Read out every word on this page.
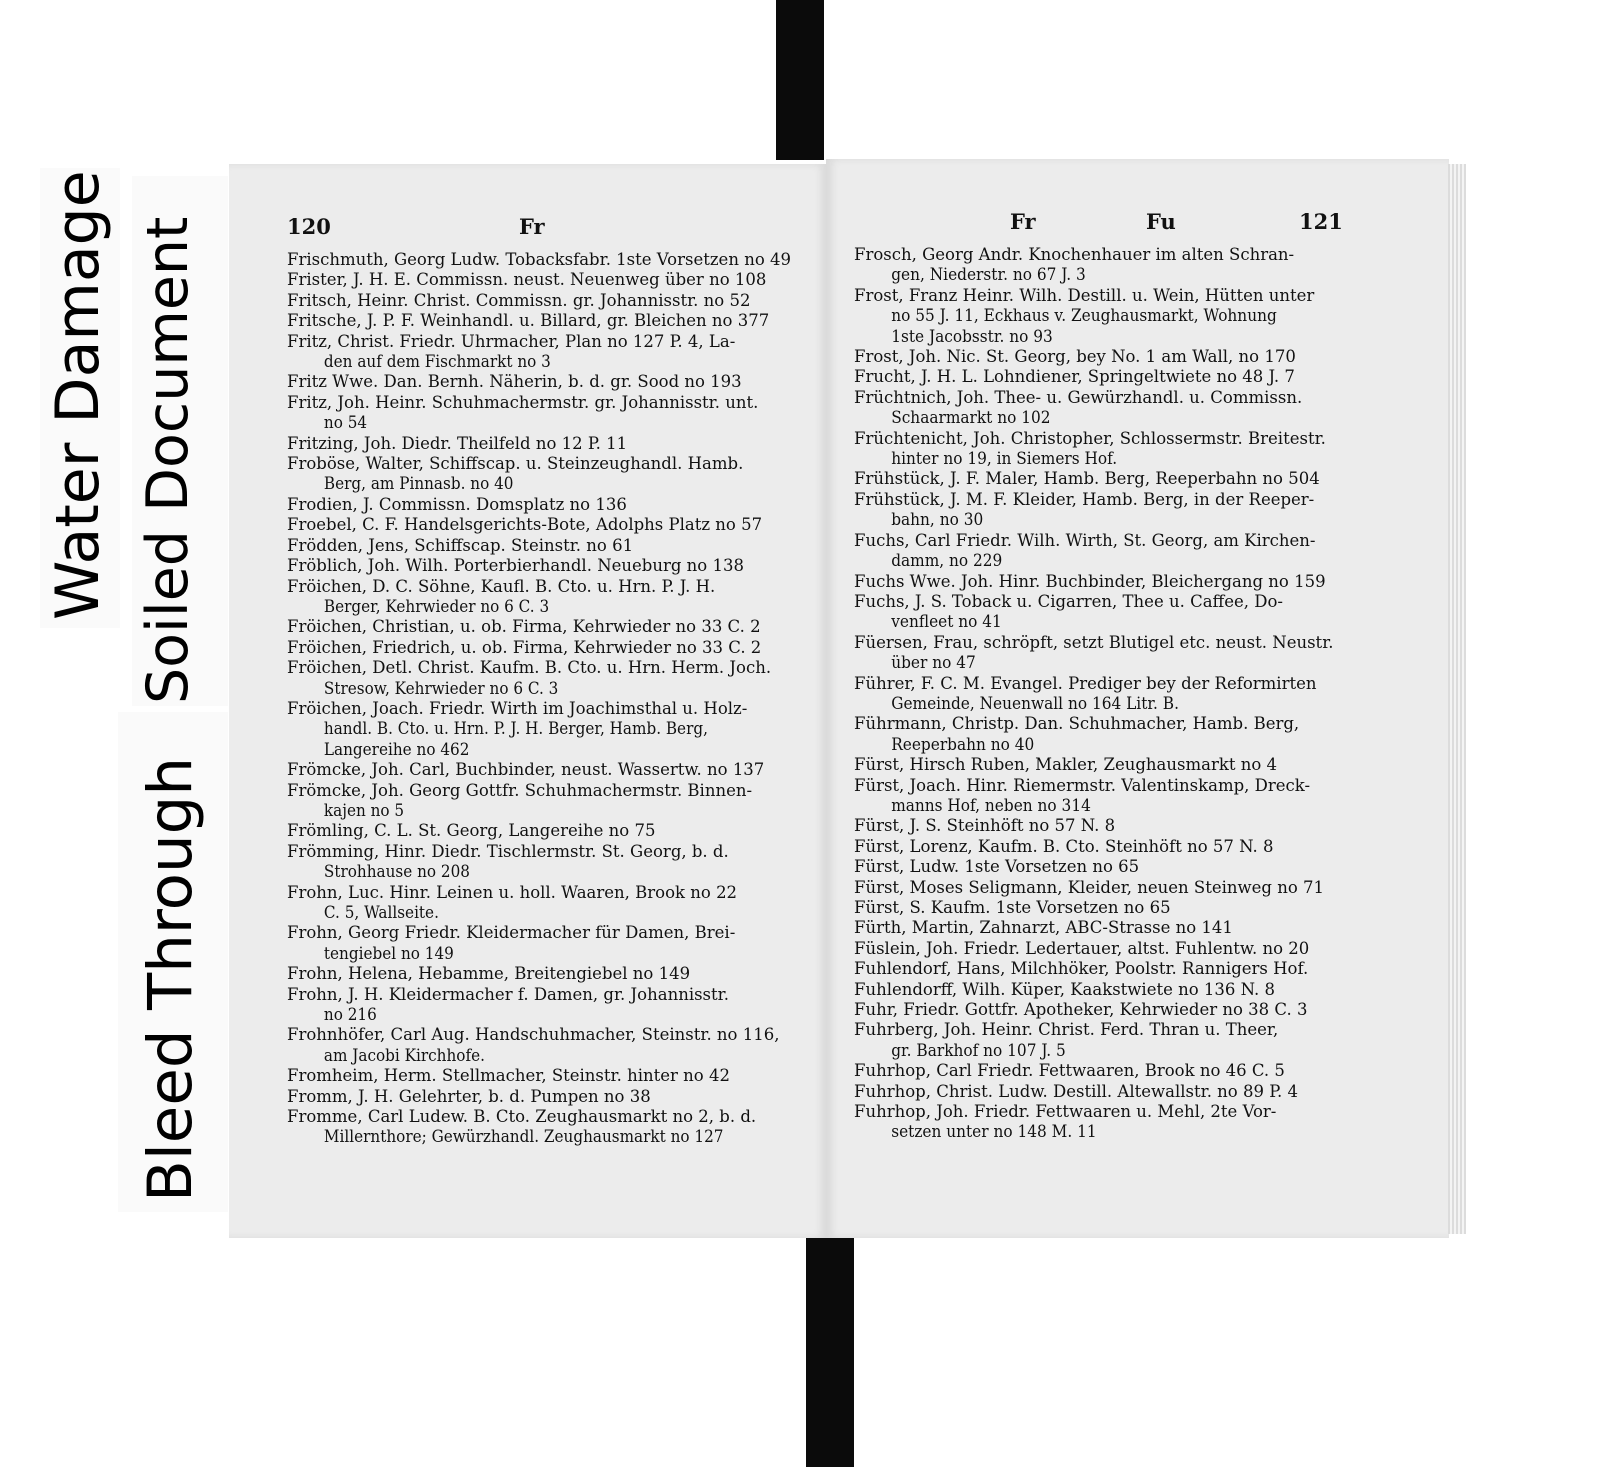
Water Damage Soiled Document
Bleed Through
120	Fr
Frischmuth, Georg Ludw. Tobacksfabr. 1ste Vorsetzen no 49
Frister, J. H. E. Commissn. neust. Neuenweg über no 108
Fritsch, Heinr. Christ. Commissn. gr. Johannisstr. no 52
Fritsche, J. P. F. Weinhandl. u. Billard, gr. Bleichen no 377
Fritz, Christ. Friedr. Uhrmacher, Plan no 127 P. 4, La-
den auf dem Fischmarkt no 3
Fritz Wwe. Dan. Bernh. Näherin, b. d. gr. Sood no 193
Fritz, Joh. Heinr. Schuhmachermstr. gr. Johannisstr. unt.
no 54
Fritzing, Joh. Diedr. Theilfeld no 12 P. 11
Froböse, Walter, Schiffscap. u. Steinzeughandl. Hamb.
Berg, am Pinnasb. no 40
Frodien, J. Commissn. Domsplatz no 136
Froebel, C. F. Handelsgerichts-Bote, Adolphs Platz no 57
Frödden, Jens, Schiffscap. Steinstr. no 61
Fröblich, Joh. Wilh. Porterbierhandl. Neueburg no 138
Fröichen, D. C. Söhne, Kaufl. B. Cto. u. Hrn. P. J. H.
Berger, Kehrwieder no 6 C. 3
Fröichen, Christian, u. ob. Firma, Kehrwieder no 33 C. 2
Fröichen, Friedrich, u. ob. Firma, Kehrwieder no 33 C. 2
Fröichen, Detl. Christ. Kaufm. B. Cto. u. Hrn. Herm. Joch.
Stresow, Kehrwieder no 6 C. 3
Fröichen, Joach. Friedr. Wirth im Joachimsthal u. Holz-
handl. B. Cto. u. Hrn. P. J. H. Berger, Hamb. Berg,
Langereihe no 462
Frömcke, Joh. Carl, Buchbinder, neust. Wassertw. no 137
Frömcke, Joh. Georg Gottfr. Schuhmachermstr. Binnen-
kajen no 5
Frömling, C. L. St. Georg, Langereihe no 75
Frömming, Hinr. Diedr. Tischlermstr. St. Georg, b. d.
Strohhause no 208
Frohn, Luc. Hinr. Leinen u. holl. Waaren, Brook no 22
C. 5, Wallseite.
Frohn, Georg Friedr. Kleidermacher für Damen, Brei-
tengiebel no 149
Frohn, Helena, Hebamme, Breitengiebel no 149
Frohn, J. H. Kleidermacher f. Damen, gr. Johannisstr.
no 216
Frohnhöfer, Carl Aug. Handschuhmacher, Steinstr. no 116,
am Jacobi Kirchhofe.
Fromheim, Herm. Stellmacher, Steinstr. hinter no 42
Fromm, J. H. Gelehrter, b. d. Pumpen no 38
Fromme, Carl Ludew. B. Cto. Zeughausmarkt no 2, b. d.
Millernthore; Gewürzhandl. Zeughausmarkt no 127
Fr	Fu	121
Frosch, Georg Andr. Knochenhauer im alten Schran-
gen, Niederstr. no 67 J. 3
Frost, Franz Heinr. Wilh. Destill. u. Wein, Hütten unter
no 55 J. 11, Eckhaus v. Zeughausmarkt, Wohnung
1ste Jacobsstr. no 93
Frost, Joh. Nic. St. Georg, bey No. 1 am Wall, no 170
Frucht, J. H. L. Lohndiener, Springeltwiete no 48 J. 7
Früchtnich, Joh. Thee- u. Gewürzhandl. u. Commissn.
Schaarmarkt no 102
Früchtenicht, Joh. Christopher, Schlossermstr. Breitestr.
hinter no 19, in Siemers Hof.
Frühstück, J. F. Maler, Hamb. Berg, Reeperbahn no 504
Frühstück, J. M. F. Kleider, Hamb. Berg, in der Reeper-
bahn, no 30
Fuchs, Carl Friedr. Wilh. Wirth, St. Georg, am Kirchen-
damm, no 229
Fuchs Wwe. Joh. Hinr. Buchbinder, Bleichergang no 159
Fuchs, J. S. Toback u. Cigarren, Thee u. Caffee, Do-
venfleet no 41
Füersen, Frau, schröpft, setzt Blutigel etc. neust. Neustr.
über no 47
Führer, F. C. M. Evangel. Prediger bey der Reformirten
Gemeinde, Neuenwall no 164 Litr. B.
Führmann, Christp. Dan. Schuhmacher, Hamb. Berg,
Reeperbahn no 40
Fürst, Hirsch Ruben, Makler, Zeughausmarkt no 4
Fürst, Joach. Hinr. Riemermstr. Valentinskamp, Dreck-
manns Hof, neben no 314
Fürst, J. S. Steinhöft no 57 N. 8
Fürst, Lorenz, Kaufm. B. Cto. Steinhöft no 57 N. 8
Fürst, Ludw. 1ste Vorsetzen no 65
Fürst, Moses Seligmann, Kleider, neuen Steinweg no 71
Fürst, S. Kaufm. 1ste Vorsetzen no 65
Fürth, Martin, Zahnarzt, ABC-Strasse no 141
Füslein, Joh. Friedr. Ledertauer, altst. Fuhlentw. no 20
Fuhlendorf, Hans, Milchhöker, Poolstr. Rannigers Hof.
Fuhlendorff, Wilh. Küper, Kaakstwiete no 136 N. 8
Fuhr, Friedr. Gottfr. Apotheker, Kehrwieder no 38 C. 3
Fuhrberg, Joh. Heinr. Christ. Ferd. Thran u. Theer,
gr. Barkhof no 107 J. 5
Fuhrhop, Carl Friedr. Fettwaaren, Brook no 46 C. 5
Fuhrhop, Christ. Ludw. Destill. Altewallstr. no 89 P. 4
Fuhrhop, Joh. Friedr. Fettwaaren u. Mehl, 2te Vor-
setzen unter no 148 M. 11
